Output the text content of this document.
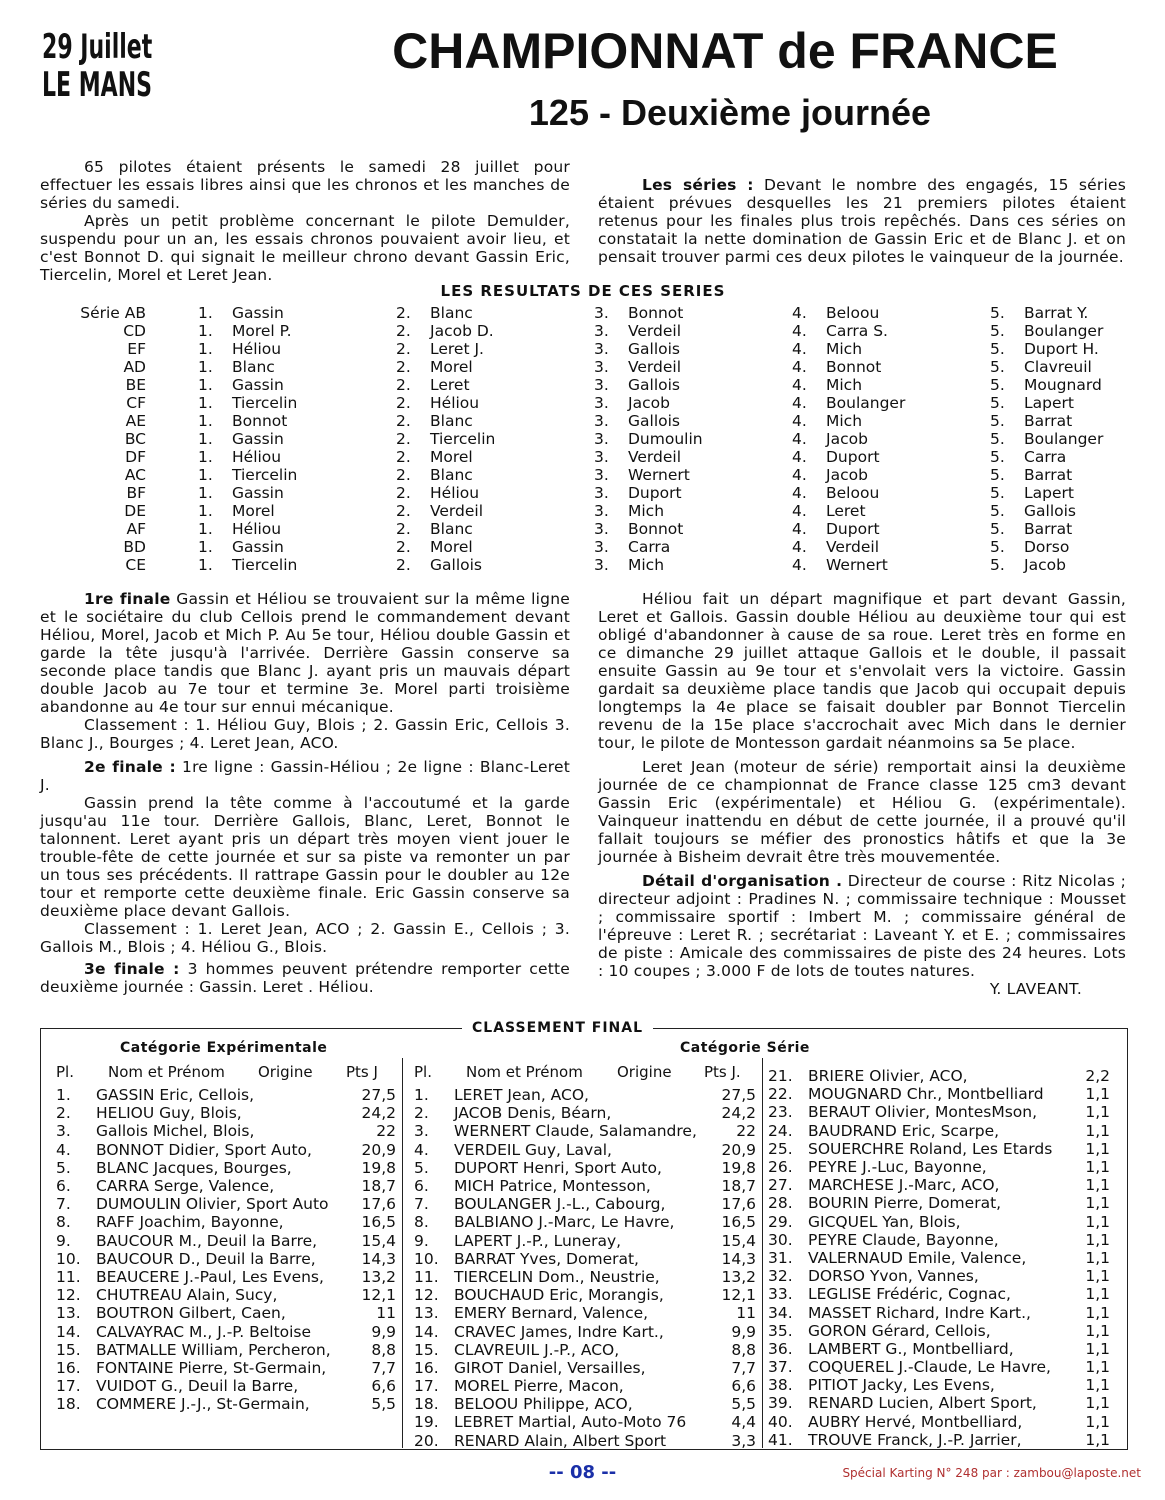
29 Juillet
LE MANS
CHAMPIONNAT de FRANCE
125 - Deuxième journée

65 pilotes étaient présents le samedi 28 juillet pour effectuer les essais libres ainsi que les chronos et les manches de séries du samedi.

Après un petit problème concernant le pilote Demulder, suspendu pour un an, les essais chronos pouvaient avoir lieu, et c'est Bonnot D. qui signait le meilleur chrono devant Gassin Eric, Tiercelin, Morel et Leret Jean.

Les séries : Devant le nombre des engagés, 15 séries étaient prévues desquelles les 21 premiers pilotes étaient retenus pour les finales plus trois repêchés. Dans ces séries on constatait la nette domination de Gassin Eric et de Blanc J. et on pensait trouver parmi ces deux pilotes le vainqueur de la journée.

LES RESULTATS DE CES SERIES
Série AB	1.	Gassin	2.	Blanc	3.	Bonnot	4.	Beloou	5.	Barrat Y.
CD	1.	Morel P.	2.	Jacob D.	3.	Verdeil	4.	Carra S.	5.	Boulanger
EF	1.	Héliou	2.	Leret J.	3.	Gallois	4.	Mich	5.	Duport H.
AD	1.	Blanc	2.	Morel	3.	Verdeil	4.	Bonnot	5.	Clavreuil
BE	1.	Gassin	2.	Leret	3.	Gallois	4.	Mich	5.	Mougnard
CF	1.	Tiercelin	2.	Héliou	3.	Jacob	4.	Boulanger	5.	Lapert
AE	1.	Bonnot	2.	Blanc	3.	Gallois	4.	Mich	5.	Barrat
BC	1.	Gassin	2.	Tiercelin	3.	Dumoulin	4.	Jacob	5.	Boulanger
DF	1.	Héliou	2.	Morel	3.	Verdeil	4.	Duport	5.	Carra
AC	1.	Tiercelin	2.	Blanc	3.	Wernert	4.	Jacob	5.	Barrat
BF	1.	Gassin	2.	Héliou	3.	Duport	4.	Beloou	5.	Lapert
DE	1.	Morel	2.	Verdeil	3.	Mich	4.	Leret	5.	Gallois
AF	1.	Héliou	2.	Blanc	3.	Bonnot	4.	Duport	5.	Barrat
BD	1.	Gassin	2.	Morel	3.	Carra	4.	Verdeil	5.	Dorso
CE	1.	Tiercelin	2.	Gallois	3.	Mich	4.	Wernert	5.	Jacob

1re finale Gassin et Héliou se trouvaient sur la même ligne et le sociétaire du club Cellois prend le commandement devant Héliou, Morel, Jacob et Mich P. Au 5e tour, Héliou double Gassin et garde la tête jusqu'à l'arrivée. Derrière Gassin conserve sa seconde place tandis que Blanc J. ayant pris un mauvais départ double Jacob au 7e tour et termine 3e. Morel parti troisième abandonne au 4e tour sur ennui mécanique.

Classement : 1. Héliou Guy, Blois ; 2. Gassin Eric, Cellois 3. Blanc J., Bourges ; 4. Leret Jean, ACO.

2e finale : 1re ligne : Gassin-Héliou ; 2e ligne : Blanc-Leret J.

Gassin prend la tête comme à l'accoutumé et la garde jusqu'au 11e tour. Derrière Gallois, Blanc, Leret, Bonnot le talonnent. Leret ayant pris un départ très moyen vient jouer le trouble-fête de cette journée et sur sa piste va remonter un par un tous ses précédents. Il rattrape Gassin pour le doubler au 12e tour et remporte cette deuxième finale. Eric Gassin conserve sa deuxième place devant Gallois.

Classement : 1. Leret Jean, ACO ; 2. Gassin E., Cellois ; 3. Gallois M., Blois ; 4. Héliou G., Blois.

3e finale : 3 hommes peuvent prétendre remporter cette deuxième journée : Gassin. Leret . Héliou.

Héliou fait un départ magnifique et part devant Gassin, Leret et Gallois. Gassin double Héliou au deuxième tour qui est obligé d'abandonner à cause de sa roue. Leret très en forme en ce dimanche 29 juillet attaque Gallois et le double, il passait ensuite Gassin au 9e tour et s'envolait vers la victoire. Gassin gardait sa deuxième place tandis que Jacob qui occupait depuis longtemps la 4e place se faisait doubler par Bonnot Tiercelin revenu de la 15e place s'accrochait avec Mich dans le dernier tour, le pilote de Montesson gardait néanmoins sa 5e place.

Leret Jean (moteur de série) remportait ainsi la deuxième journée de ce championnat de France classe 125 cm3 devant Gassin Eric (expérimentale) et Héliou G. (expérimentale). Vainqueur inattendu en début de cette journée, il a prouvé qu'il fallait toujours se méfier des pronostics hâtifs et que la 3e journée à Bisheim devrait être très mouvementée.

Détail d'organisation . Directeur de course : Ritz Nicolas ; directeur adjoint : Pradines N. ; commissaire technique : Mousset ; commissaire sportif : Imbert M. ; commissaire général de l'épreuve : Leret R. ; secrétariat : Laveant Y. et E. ; commissaires de piste : Amicale des commissaires de piste des 24 heures. Lots : 10 coupes ; 3.000 F de lots de toutes natures.

Y. LAVEANT.

CLASSEMENT FINAL
Catégorie Expérimentale	Catégorie Série
Pl. Nom et Prénom Origine Pts J Pl. Nom et Prénom Origine Pts J.
1.	GASSIN Eric, Cellois,	27,5
2.	HELIOU Guy, Blois,	24,2
3.	Gallois Michel, Blois,	22
4.	BONNOT Didier, Sport Auto,	20,9
5.	BLANC Jacques, Bourges,	19,8
6.	CARRA Serge, Valence,	18,7
7.	DUMOULIN Olivier, Sport Auto	17,6
8.	RAFF Joachim, Bayonne,	16,5
9.	BAUCOUR M., Deuil la Barre,	15,4
10.	BAUCOUR D., Deuil la Barre,	14,3
11.	BEAUCERE J.-Paul, Les Evens,	13,2
12.	CHUTREAU Alain, Sucy,	12,1
13.	BOUTRON Gilbert, Caen,	11
14.	CALVAYRAC M., J.-P. Beltoise	9,9
15.	BATMALLE William, Percheron,	8,8
16.	FONTAINE Pierre, St-Germain,	7,7
17.	VUIDOT G., Deuil la Barre,	6,6
18.	COMMERE J.-J., St-Germain,	5,5
1.	LERET Jean, ACO,	27,5
2.	JACOB Denis, Béarn,	24,2
3.	WERNERT Claude, Salamandre,	22
4.	VERDEIL Guy, Laval,	20,9
5.	DUPORT Henri, Sport Auto,	19,8
6.	MICH Patrice, Montesson,	18,7
7.	BOULANGER J.-L., Cabourg,	17,6
8.	BALBIANO J.-Marc, Le Havre,	16,5
9.	LAPERT J.-P., Luneray,	15,4
10.	BARRAT Yves, Domerat,	14,3
11.	TIERCELIN Dom., Neustrie,	13,2
12.	BOUCHAUD Eric, Morangis,	12,1
13.	EMERY Bernard, Valence,	11
14.	CRAVEC James, Indre Kart.,	9,9
15.	CLAVREUIL J.-P., ACO,	8,8
16.	GIROT Daniel, Versailles,	7,7
17.	MOREL Pierre, Macon,	6,6
18.	BELOOU Philippe, ACO,	5,5
19.	LEBRET Martial, Auto-Moto 76	4,4
20.	RENARD Alain, Albert Sport	3,3
21.	BRIERE Olivier, ACO,	2,2
22.	MOUGNARD Chr., Montbelliard	1,1
23.	BERAUT Olivier, MontesMson,	1,1
24.	BAUDRAND Eric, Scarpe,	1,1
25.	SOUERCHRE Roland, Les Etards	1,1
26.	PEYRE J.-Luc, Bayonne,	1,1
27.	MARCHESE J.-Marc, ACO,	1,1
28.	BOURIN Pierre, Domerat,	1,1
29.	GICQUEL Yan, Blois,	1,1
30.	PEYRE Claude, Bayonne,	1,1
31.	VALERNAUD Emile, Valence,	1,1
32.	DORSO Yvon, Vannes,	1,1
33.	LEGLISE Frédéric, Cognac,	1,1
34.	MASSET Richard, Indre Kart.,	1,1
35.	GORON Gérard, Cellois,	1,1
36.	LAMBERT G., Montbelliard,	1,1
37.	COQUEREL J.-Claude, Le Havre,	1,1
38.	PITIOT Jacky, Les Evens,	1,1
39.	RENARD Lucien, Albert Sport,	1,1
40.	AUBRY Hervé, Montbelliard,	1,1
41.	TROUVE Franck, J.-P. Jarrier,	1,1
-- 08 --	Spécial Karting N° 248 par : zambou@laposte.net
